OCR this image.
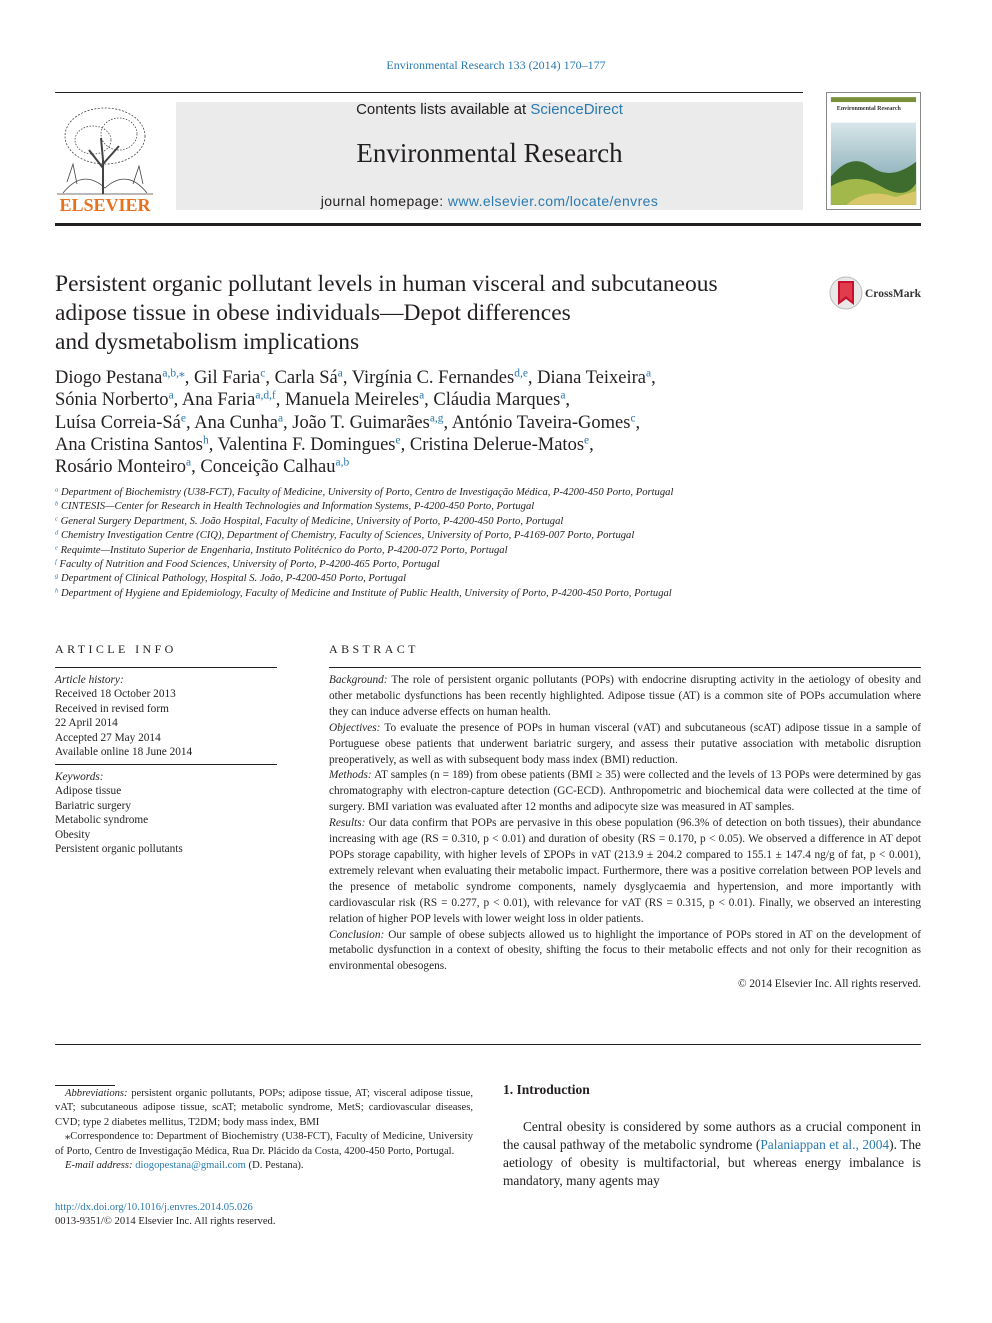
Environmental Research 133 (2014) 170–177
ELSEVIER
Contents lists available at ScienceDirect
Environmental Research
journal homepage: www.elsevier.com/locate/envres
Environmental Research
Persistent organic pollutant levels in human visceral and subcutaneous
adipose tissue in obese individuals—Depot differences
and dysmetabolism implications
CrossMark
Diogo Pestana$^{a,b,⁎}$, Gil Faria$^c$, Carla $Sá^a$, Virgínia C. Fernandes$^{d,e}$, Diana Teixeira$^a$,
Sónia Norberto$^a$, Ana Faria$^{a,d,f}$, Manuela Meireles$^a$, Cláudia Marques$^a$,
Luísa Correia-$Sá^e$, Ana Cunha$^a$, João T. Guimarães$^{a,g}$, António Taveira-Gomes$^c$,
Ana Cristina Santos$^h$, Valentina F. Domingues$^e$, Cristina Delerue-Matos$^e$,
Rosário Monteiro$^a$, Conceição Calhau$^{a,b}$
$^a$ Department of Biochemistry (U38-FCT), Faculty of Medicine, University of Porto, Centro de Investigação Médica, P-4200-450 Porto, Portugal
$^b$ CINTESIS—Center for Research in Health Technologies and Information Systems, P-4200-450 Porto, Portugal
$^c$ General Surgery Department, S. João Hospital, Faculty of Medicine, University of Porto, P-4200-450 Porto, Portugal
$^d$ Chemistry Investigation Centre (CIQ), Department of Chemistry, Faculty of Sciences, University of Porto, P-4169-007 Porto, Portugal
$^e$ Requimte—Instituto Superior de Engenharia, Instituto Politécnico do Porto, P-4200-072 Porto, Portugal
$^f$ Faculty of Nutrition and Food Sciences, University of Porto, P-4200-465 Porto, Portugal
$^g$ Department of Clinical Pathology, Hospital S. João, P-4200-450 Porto, Portugal
$^h$ Department of Hygiene and Epidemiology, Faculty of Medicine and Institute of Public Health, University of Porto, P-4200-450 Porto, Portugal
ARTICLE INFO
Article history:
Received 18 October 2013
Received in revised form
22 April 2014
Accepted 27 May 2014
Available online 18 June 2014
Keywords:
Adipose tissue
Bariatric surgery
Metabolic syndrome
Obesity
Persistent organic pollutants
ABSTRACT

Background: The role of persistent organic pollutants (POPs) with endocrine disrupting activity in the aetiology of obesity and other metabolic dysfunctions has been recently highlighted. Adipose tissue (AT) is a common site of POPs accumulation where they can induce adverse effects on human health.

Objectives: To evaluate the presence of POPs in human visceral (vAT) and subcutaneous (scAT) adipose tissue in a sample of Portuguese obese patients that underwent bariatric surgery, and assess their putative association with metabolic disruption preoperatively, as well as with subsequent body mass index (BMI) reduction.

Methods: AT samples (n = 189) from obese patients (BMI ≥ 35) were collected and the levels of 13 POPs were determined by gas chromatography with electron-capture detection (GC-ECD). Anthropometric and biochemical data were collected at the time of surgery. BMI variation was evaluated after 12 months and adipocyte size was measured in AT samples.

Results: Our data confirm that POPs are pervasive in this obese population (96.3% of detection on both tissues), their abundance increasing with age (RS = 0.310, p < 0.01) and duration of obesity (RS = 0.170, p < 0.05). We observed a difference in AT depot POPs storage capability, with higher levels of ΣPOPs in vAT (213.9 ± 204.2 compared to 155.1 ± 147.4 ng/g of fat, p < 0.001), extremely relevant when evaluating their metabolic impact. Furthermore, there was a positive correlation between POP levels and the presence of metabolic syndrome components, namely dysglycaemia and hypertension, and more importantly with cardiovascular risk (RS = 0.277, p < 0.01), with relevance for vAT (RS = 0.315, p < 0.01). Finally, we observed an interesting relation of higher POP levels with lower weight loss in older patients.

Conclusion: Our sample of obese subjects allowed us to highlight the importance of POPs stored in AT on the development of metabolic dysfunction in a context of obesity, shifting the focus to their metabolic effects and not only for their recognition as environmental obesogens.

© 2014 Elsevier Inc. All rights reserved.

Abbreviations: persistent organic pollutants, POPs; adipose tissue, AT; visceral adipose tissue, vAT; subcutaneous adipose tissue, scAT; metabolic syndrome, MetS; cardiovascular diseases, CVD; type 2 diabetes mellitus, T2DM; body mass index, BMI

⁎Correspondence to: Department of Biochemistry (U38-FCT), Faculty of Medicine, University of Porto, Centro de Investigação Médica, Rua Dr. Plácido da Costa, 4200-450 Porto, Portugal.

E-mail address: diogopestana@gmail.com (D. Pestana).

http://dx.doi.org/10.1016/j.envres.2014.05.026
0013-9351/© 2014 Elsevier Inc. All rights reserved.
1. Introduction
Central obesity is considered by some authors as a crucial component in the causal pathway of the metabolic syndrome (Palaniappan et al., 2004). The aetiology of obesity is multifactorial, but whereas energy imbalance is mandatory, many agents may
